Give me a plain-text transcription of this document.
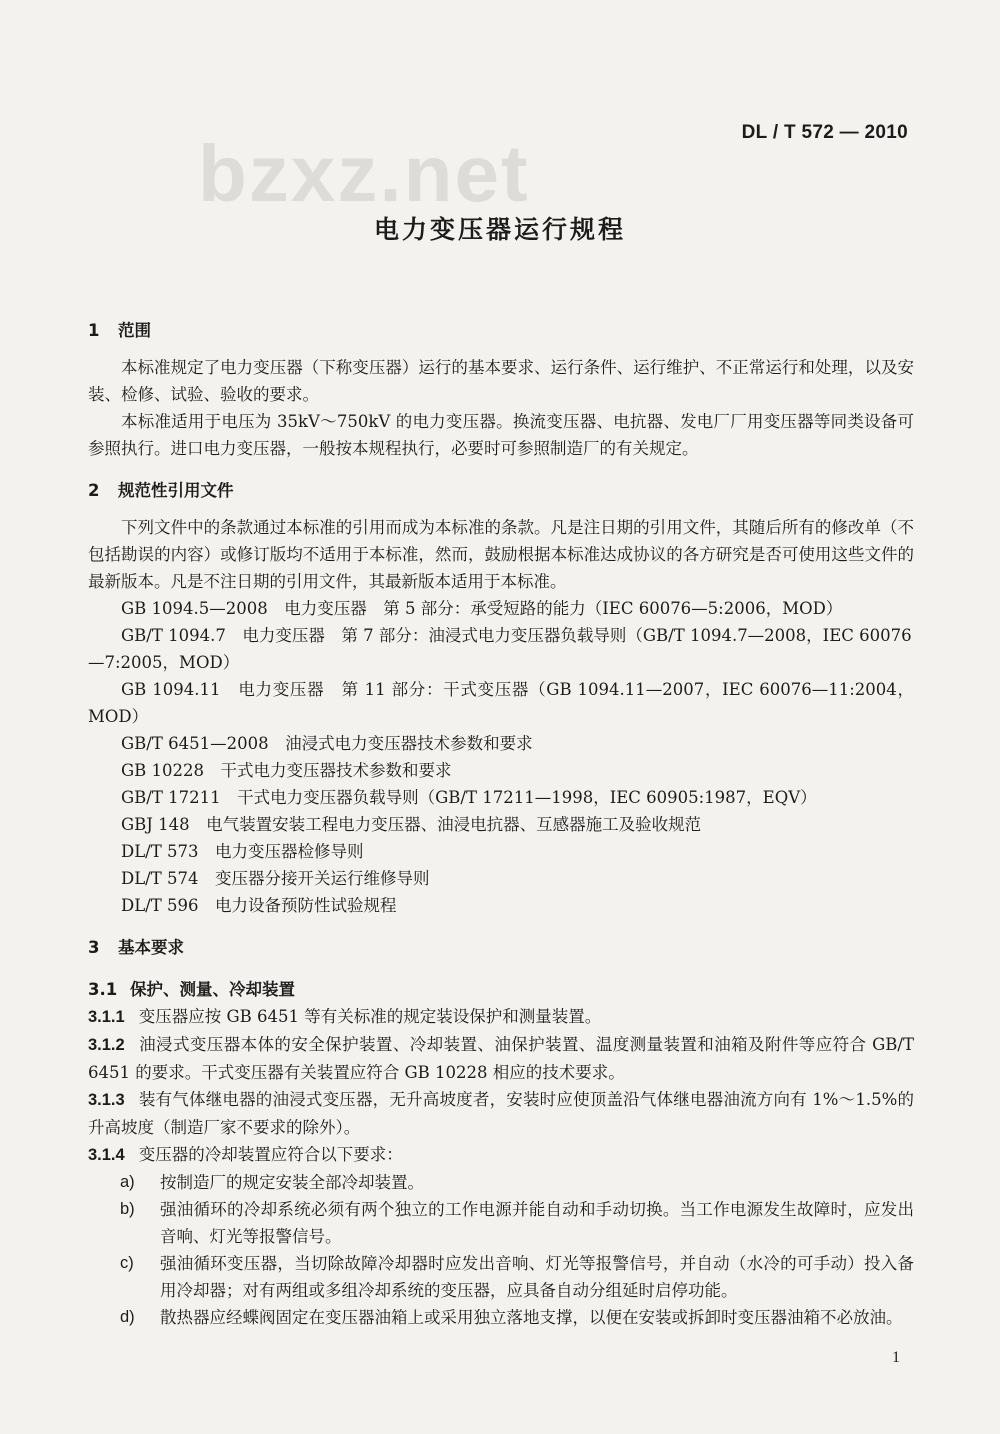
bzxz.net	DL / T 572 — 2010
电力变压器运行规程
1 范围
本标准规定了电力变压器（下称变压器）运行的基本要求、运行条件、运行维护、不正常运行和处理，以及安装、检修、试验、验收的要求。
本标准适用于电压为 35kV～750kV 的电力变压器。换流变压器、电抗器、发电厂厂用变压器等同类设备可参照执行。进口电力变压器，一般按本规程执行，必要时可参照制造厂的有关规定。
2 规范性引用文件
下列文件中的条款通过本标准的引用而成为本标准的条款。凡是注日期的引用文件，其随后所有的修改单（不包括勘误的内容）或修订版均不适用于本标准，然而，鼓励根据本标准达成协议的各方研究是否可使用这些文件的最新版本。凡是不注日期的引用文件，其最新版本适用于本标准。
GB 1094.5—2008　电力变压器　第 5 部分：承受短路的能力（IEC 60076—5:2006，MOD）
GB/T 1094.7　电力变压器　第 7 部分：油浸式电力变压器负载导则（GB/T 1094.7—2008，IEC 60076—7:2005，MOD）
GB 1094.11　电力变压器　第 11 部分：干式变压器（GB 1094.11—2007，IEC 60076—11:2004，MOD）
GB/T 6451—2008　油浸式电力变压器技术参数和要求
GB 10228　干式电力变压器技术参数和要求
GB/T 17211　干式电力变压器负载导则（GB/T 17211—1998，IEC 60905:1987，EQV）
GBJ 148　电气装置安装工程电力变压器、油浸电抗器、互感器施工及验收规范
DL/T 573　电力变压器检修导则
DL/T 574　变压器分接开关运行维修导则
DL/T 596　电力设备预防性试验规程
3 基本要求
3.1 保护、测量、冷却装置
3.1.1 变压器应按 GB 6451 等有关标准的规定装设保护和测量装置。
3.1.2 油浸式变压器本体的安全保护装置、冷却装置、油保护装置、温度测量装置和油箱及附件等应符合 GB/T 6451 的要求。干式变压器有关装置应符合 GB 10228 相应的技术要求。
3.1.3 装有气体继电器的油浸式变压器，无升高坡度者，安装时应使顶盖沿气体继电器油流方向有 1%～1.5%的升高坡度（制造厂家不要求的除外）。
3.1.4 变压器的冷却装置应符合以下要求：
a)	按制造厂的规定安装全部冷却装置。
b)	强油循环的冷却系统必须有两个独立的工作电源并能自动和手动切换。当工作电源发生故障时，应发出音响、灯光等报警信号。
c)	强油循环变压器，当切除故障冷却器时应发出音响、灯光等报警信号，并自动（水冷的可手动）投入备用冷却器；对有两组或多组冷却系统的变压器，应具备自动分组延时启停功能。
d)	散热器应经蝶阀固定在变压器油箱上或采用独立落地支撑，以便在安装或拆卸时变压器油箱不必放油。
1
